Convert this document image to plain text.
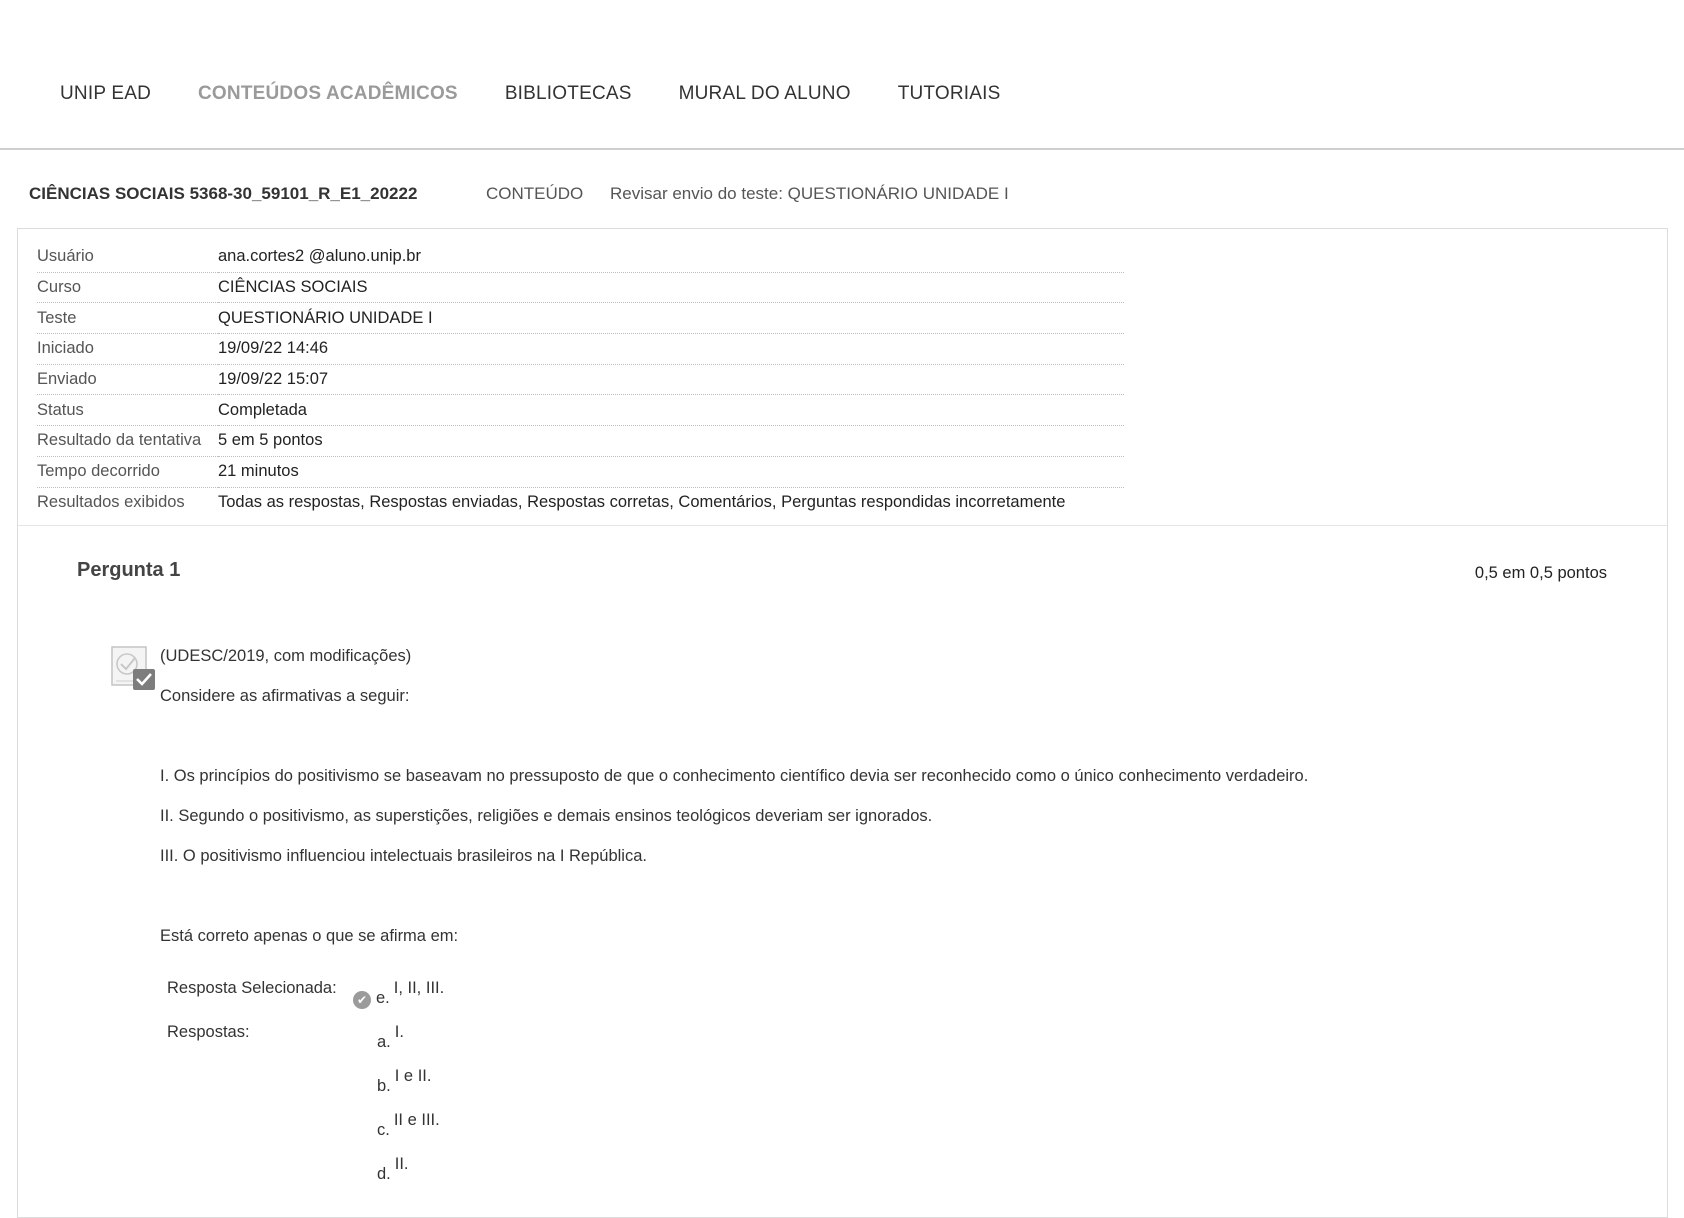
UNIP EAD CONTEÚDOS ACADÊMICOS BIBLIOTECAS MURAL DO ALUNO TUTORIAIS
CIÊNCIAS SOCIAIS 5368-30_59101_R_E1_20222	CONTEÚDO	Revisar envio do teste: QUESTIONÁRIO UNIDADE I
Usuário	ana.cortes2 @aluno.unip.br
Curso	CIÊNCIAS SOCIAIS
Teste	QUESTIONÁRIO UNIDADE I
Iniciado	19/09/22 14:46
Enviado	19/09/22 15:07
Status	Completada
Resultado da tentativa	5 em 5 pontos
Tempo decorrido	21 minutos
Resultados exibidos	Todas as respostas, Respostas enviadas, Respostas corretas, Comentários, Perguntas respondidas incorretamente
Pergunta 1	0,5 em 0,5 pontos
(UDESC/2019, com modificações)
Considere as afirmativas a seguir:
I. Os princípios do positivismo se baseavam no pressuposto de que o conhecimento científico devia ser reconhecido como o único conhecimento verdadeiro.
II. Segundo o positivismo, as superstições, religiões e demais ensinos teológicos deveriam ser ignorados.
III. O positivismo influenciou intelectuais brasileiros na I República.
Está correto apenas o que se afirma em:
Resposta Selecionada:
✔ e.I, II, III.
Respostas:
a.I.
b.I e II.
c.II e III.
d.II.
